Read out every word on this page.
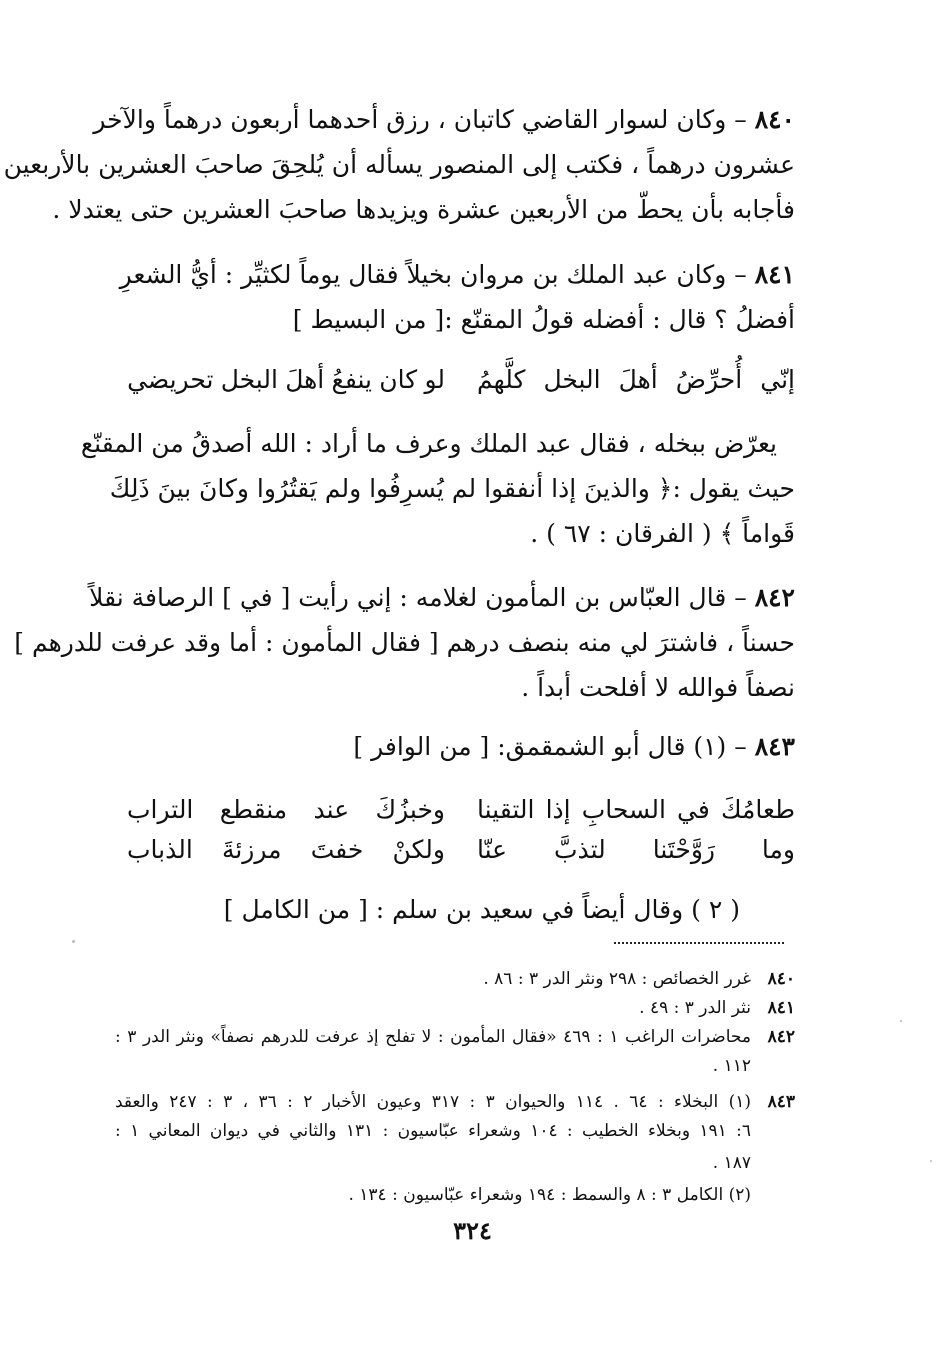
٨٤٠ – وكان لسوار القاضي كاتبان ، رزق أحدهما أربعون درهماً والآخر
عشرون درهماً ، فكتب إلى المنصور يسأله أن يُلحِقَ صاحبَ العشرين بالأربعين
فأجابه بأن يحطّ من الأربعين عشرة ويزيدها صاحبَ العشرين حتى يعتدلا .
٨٤١ – وكان عبد الملك بن مروان بخيلاً فقال يوماً لكثيِّر : أيُّ الشعرِ
أفضلُ ؟ قال : أفضله قولُ المقنّع :[ من البسيط ]
إنّي
أُحرِّضُ
أهلَ
البخل
كلَّهمُ
لو
كان
ينفعُ
أهلَ
البخل
تحريضي
يعرّض ببخله ، فقال عبد الملك وعرف ما أراد : الله أصدقُ من المقنّع
حيث يقول :﴿ والذينَ إذا أنفقوا لم يُسرِفُوا ولم يَقتُرُوا وكانَ بينَ ذَلِكَ
قَواماً ﴾ ( الفرقان : ٦٧ ) .
٨٤٢ – قال العبّاس بن المأمون لغلامه : إني رأيت [ في ] الرصافة نقلاً
حسناً ، فاشترَ لي منه بنصف درهم [ فقال المأمون : أما وقد عرفت للدرهم ]
نصفاً فوالله لا أفلحت أبداً .
٨٤٣ – (١) قال أبو الشمقمق: [ من الوافر ]
طعامُكَ
في
السحابِ
إذا
التقينا
وخبزُكَ
عند
منقطع
التراب
وما
رَوَّحْتَنا
لتذبَّ
عنّا
ولكنْ
خفتَ
مرزئةَ
الذباب
( ٢ ) وقال أيضاً في سعيد بن سلم : [ من الكامل ]
٨٤٠
غرر الخصائص : ٢٩٨ ونثر الدر ٣ : ٨٦ .
٨٤١
نثر الدر ٣ : ٤٩ .
٨٤٢
محاضرات الراغب ١ : ٤٦٩ «فقال المأمون : لا تفلح إذ عرفت للدرهم نصفاً» ونثر الدر ٣ :
١١٢ .
٨٤٣
(١) البخلاء : ٦٤ . ١١٤ والحيوان ٣ : ٣١٧ وعيون الأخبار ٢ : ٣٦ ، ٣ : ٢٤٧ والعقد
٦: ١٩١ وبخلاء الخطيب : ١٠٤ وشعراء عبّاسيون : ١٣١ والثاني في ديوان المعاني ١ :
١٨٧ .
(٢) الكامل ٣ : ٨ والسمط : ١٩٤ وشعراء عبّاسيون : ١٣٤ .
٣٢٤
